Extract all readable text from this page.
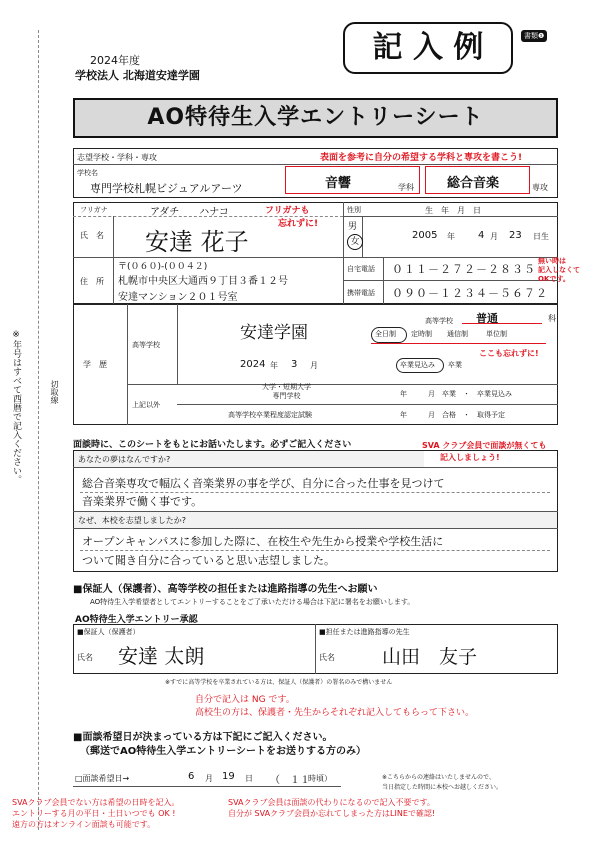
切取線
※年号はすべて西暦で記入ください。
2024年度
学校法人 北海道安達学園
記 入 例	書類❶
AO特待生入学エントリーシート
志望学校・学科・専攻	表面を参考に自分の希望する学科と専攻を書こう!
学校名
専門学校札幌ビジュアルアーツ	音響	学科	総合音楽	専攻
フリガナ	アダチ　　ハナコ	フリガナも
忘れずに!
氏　名 安達 花子
性別	生　年　月　日
男
女
2005 年 4 月 23 日生
住　所
〒(０６０)-(００４２)
札幌市中央区大通西９丁目３番１２号
安達マンション２０１号室
自宅電話 ０１１－２７２－２８３５
無い時は
記入しなくて
OKです。
携帯電話 ０９０－１２３４－５６７２
学　歴
高等学校
安達学園
高等学校 普通	科
全日制 定時制 通信制	単位制
2024 年 3 月	卒業見込み 卒業
ここも忘れずに!
上記以外
大学・短期大学
専門学校	年　　　月　卒業　・　卒業見込み
高等学校卒業程度認定試験	年　　　月　合格　・　取得予定
面談時に、このシートをもとにお話いたします。必ずご記入ください	SVA クラブ会員で面談が無くても
記入しましょう!
あなたの夢はなんですか?
総合音楽専攻で幅広く音楽業界の事を学び、自分に合った仕事を見つけて
音楽業界で働く事です。
なぜ、本校を志望しましたか?
オープンキャンパスに参加した際に、在校生や先生から授業や学校生活に
ついて聞き自分に合っていると思い志望しました。
■保証人（保護者）、高等学校の担任または進路指導の先生へお願い
AO特待生入学希望者としてエントリーすることをご了承いただける場合は下記に署名をお願いします。
AO特待生入学エントリー承認
■保証人（保護者）
氏名 安達 太朗
■担任または進路指導の先生
氏名 山田　友子
※すでに高等学校を卒業されている方は、保証人（保護者）の署名のみで構いません
自分で記入は NG です。
高校生の方は、保護者・先生からそれぞれ記入してもらって下さい。
■面談希望日が決まっている方は下記にご記入ください。
（郵送でAO特待生入学エントリーシートをお送りする方のみ）
□面談希望日→	6 月 19 日 （　１１
時頃）	※こちらからの連絡はいたしませんので、
当日指定した時間に本校へお越しください。
SVAクラブ会員でない方は希望の日時を記入。
エントリーする月の平日・土日いつでも OK !
遠方の方はオンライン面談も可能です。
SVAクラブ会員は面談の代わりになるので記入不要です。
自分が SVAクラブ会員か忘れてしまった方はLINEで確認!
